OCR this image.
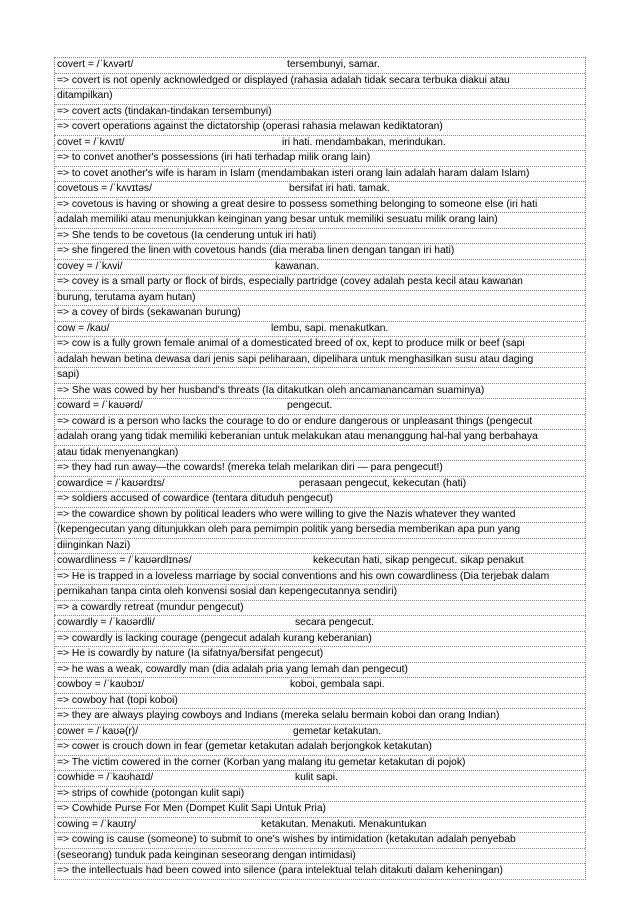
covert = /ˈkʌvərt/	tersembunyi, samar.
=> covert is not openly acknowledged or displayed (rahasia adalah tidak secara terbuka diakui atau
ditampilkan)
=> covert acts (tindakan-tindakan tersembunyi)
=> covert operations against the dictatorship (operasi rahasia melawan kediktatoran)
covet = /ˈkʌvɪt/	iri hati. mendambakan, merindukan.
=> to convet another's possessions (iri hati terhadap milik orang lain)
=> to covet another's wife is haram in Islam (mendambakan isteri orang lain adalah haram dalam Islam)
covetous = /ˈkʌvɪtəs/	bersifat iri hati. tamak.
=> covetous is having or showing a great desire to possess something belonging to someone else (iri hati
adalah memiliki atau menunjukkan keinginan yang besar untuk memiliki sesuatu milik orang lain)
=> She tends to be covetous (Ia cenderung untuk iri hati)
=> she fingered the linen with covetous hands (dia meraba linen dengan tangan iri hati)
covey = /ˈkʌvi/	kawanan.
=> covey is a small party or flock of birds, especially partridge (covey adalah pesta kecil atau kawanan
burung, terutama ayam hutan)
=> a covey of birds (sekawanan burung)
cow = /kaʊ/	lembu, sapi. menakutkan.
=> cow is a fully grown female animal of a domesticated breed of ox, kept to produce milk or beef (sapi
adalah hewan betina dewasa dari jenis sapi peliharaan, dipelihara untuk menghasilkan susu atau daging
sapi)
=> She was cowed by her husband's threats (Ia ditakutkan oleh ancamanancaman suaminya)
coward = /ˈkaʊərd/	pengecut.
=> coward is a person who lacks the courage to do or endure dangerous or unpleasant things (pengecut
adalah orang yang tidak memiliki keberanian untuk melakukan atau menanggung hal-hal yang berbahaya
atau tidak menyenangkan)
=> they had run away—the cowards! (mereka telah melarikan diri — para pengecut!)
cowardice = /ˈkaʊərdɪs/	perasaan pengecut, kekecutan (hati)
=> soldiers accused of cowardice (tentara dituduh pengecut)
=> the cowardice shown by political leaders who were willing to give the Nazis whatever they wanted
(kepengecutan yang ditunjukkan oleh para pemimpin politik yang bersedia memberikan apa pun yang
diinginkan Nazi)
cowardliness = /ˈkaʊərdlɪnəs/	kekecutan hati, sikap pengecut. sikap penakut
=> He is trapped in a loveless marriage by social conventions and his own cowardliness (Dia terjebak dalam
pernikahan tanpa cinta oleh konvensi sosial dan kepengecutannya sendiri)
=> a cowardly retreat (mundur pengecut)
cowardly = /ˈkaʊərdli/	secara pengecut.
=> cowardly is lacking courage (pengecut adalah kurang keberanian)
=> He is cowardly by nature (Ia sifatnya/bersifat pengecut)
=> he was a weak, cowardly man (dia adalah pria yang lemah dan pengecut)
cowboy = /ˈkaʊbɔɪ/	koboi, gembala sapi.
=> cowboy hat (topi koboi)
=> they are always playing cowboys and Indians (mereka selalu bermain koboi dan orang Indian)
cower = /ˈkaʊə(r)/	gemetar ketakutan.
=> cower is crouch down in fear (gemetar ketakutan adalah berjongkok ketakutan)
=> The victim cowered in the corner (Korban yang malang itu gemetar ketakutan di pojok)
cowhide = /ˈkaʊhaɪd/	kulit sapi.
=> strips of cowhide (potongan kulit sapi)
=> Cowhide Purse For Men (Dompet Kulit Sapi Untuk Pria)
cowing = /ˈkaʊɪŋ/	ketakutan. Menakuti. Menakuntukan
=> cowing is cause (someone) to submit to one's wishes by intimidation (ketakutan adalah penyebab
(seseorang) tunduk pada keinginan seseorang dengan intimidasi)
=> the intellectuals had been cowed into silence (para intelektual telah ditakuti dalam keheningan)
